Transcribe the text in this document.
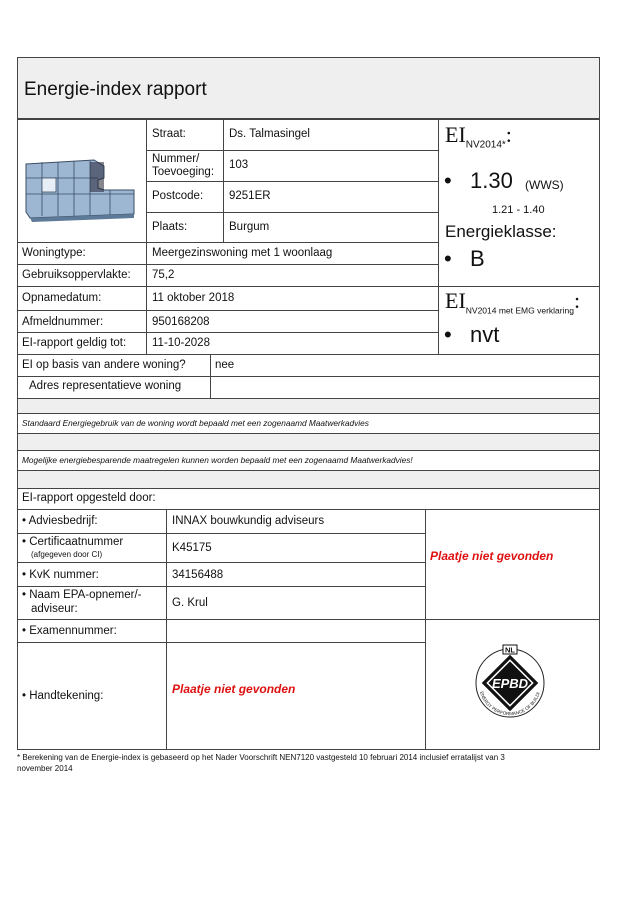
Energie-index rapport
Straat:	Ds. Talmasingel
Nummer/
Toevoeging:
103
Postcode: 9251ER
Plaats:	Burgum
Woningtype:	Meergezinswoning met 1 woonlaag
Gebruiksoppervlakte: 75,2
Opnamedatum:	11 oktober 2018
Afmeldnummer:	950168208
EI-rapport geldig tot: 11-10-2028
EI op basis van andere woning?	nee
Adres representatieve woning
$EI_{NV2014*}$:
• 1.30 (WWS)
1.21 - 1.40
Energieklasse:
• B
$EI_{NV2014 met EMG verklaring}$:
• nvt
Standaard Energiegebruik van de woning wordt bepaald met een zogenaamd Maatwerkadvies
Mogelijke energiebesparende maatregelen kunnen worden bepaald met een zogenaamd Maatwerkadvies!
EI-rapport opgesteld door:
• Adviesbedrijf:	INNAX bouwkundig adviseurs
• Certificaatnummer
(afgegeven door CI)
K45175
• KvK nummer:	34156488
• Naam EPA-opnemer/-
adviseur:	G. Krul
• Examennummer:
• Handtekening:	Plaatje niet gevonden
Plaatje niet gevonden
EPBD
NL
ENERGY PERFORMANCE OF BUILDI
* Berekening van de Energie-index is gebaseerd op het Nader Voorschrift NEN7120 vastgesteld 10 februari 2014 inclusief erratalijst van 3
november 2014
